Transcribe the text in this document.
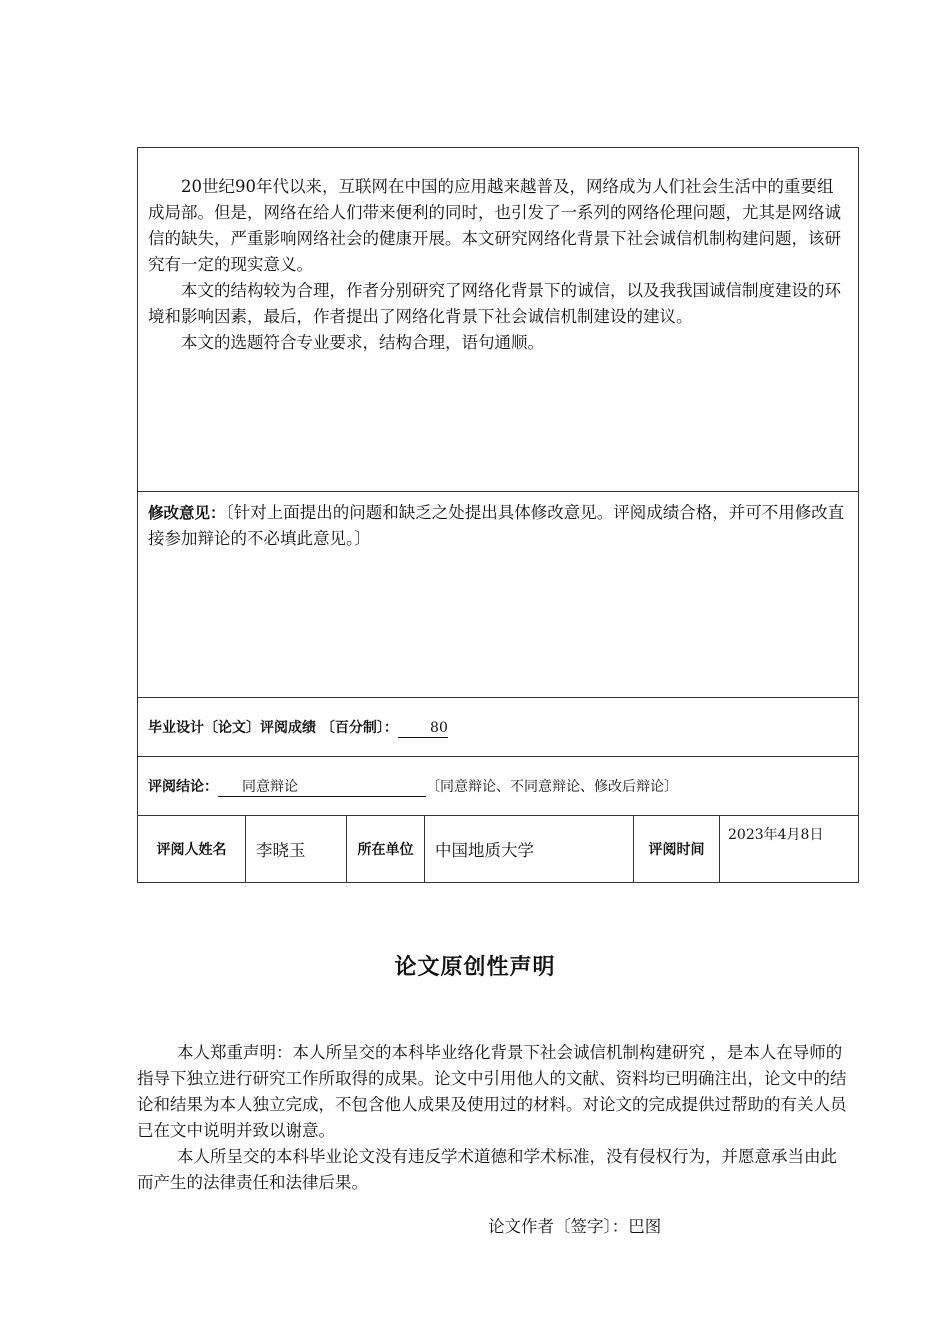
20世纪90年代以来，互联网在中国的应用越来越普及，网络成为人们社会生活中的重要组成局部。但是，网络在给人们带来便利的同时，也引发了一系列的网络伦理问题，尤其是网络诚信的缺失，严重影响网络社会的健康开展。本文研究网络化背景下社会诚信机制构建问题，该研究有一定的现实意义。

本文的结构较为合理，作者分别研究了网络化背景下的诚信，以及我我国诚信制度建设的环境和影响因素，最后，作者提出了网络化背景下社会诚信机制建设的建议。

本文的选题符合专业要求，结构合理，语句通顺。

修改意见：〔针对上面提出的问题和缺乏之处提出具体修改意见。评阅成绩合格，并可不用修改直接参加辩论的不必填此意见。〕
毕业设计〔论文〕评阅成绩 〔百分制〕： 80
评阅结论： 同意辩论	〔同意辩论、不同意辩论、修改后辩论〕
评阅人姓名	李晓玉	所在单位	中国地质大学	评阅时间	2023年4月8日
论文原创性声明

本人郑重声明：本人所呈交的本科毕业络化背景下社会诚信机制构建研究 ，是本人在导师的指导下独立进行研究工作所取得的成果。论文中引用他人的文献、资料均已明确注出，论文中的结论和结果为本人独立完成，不包含他人成果及使用过的材料。对论文的完成提供过帮助的有关人员已在文中说明并致以谢意。

本人所呈交的本科毕业论文没有违反学术道德和学术标准，没有侵权行为，并愿意承当由此而产生的法律责任和法律后果。

论文作者〔签字〕：巴图
